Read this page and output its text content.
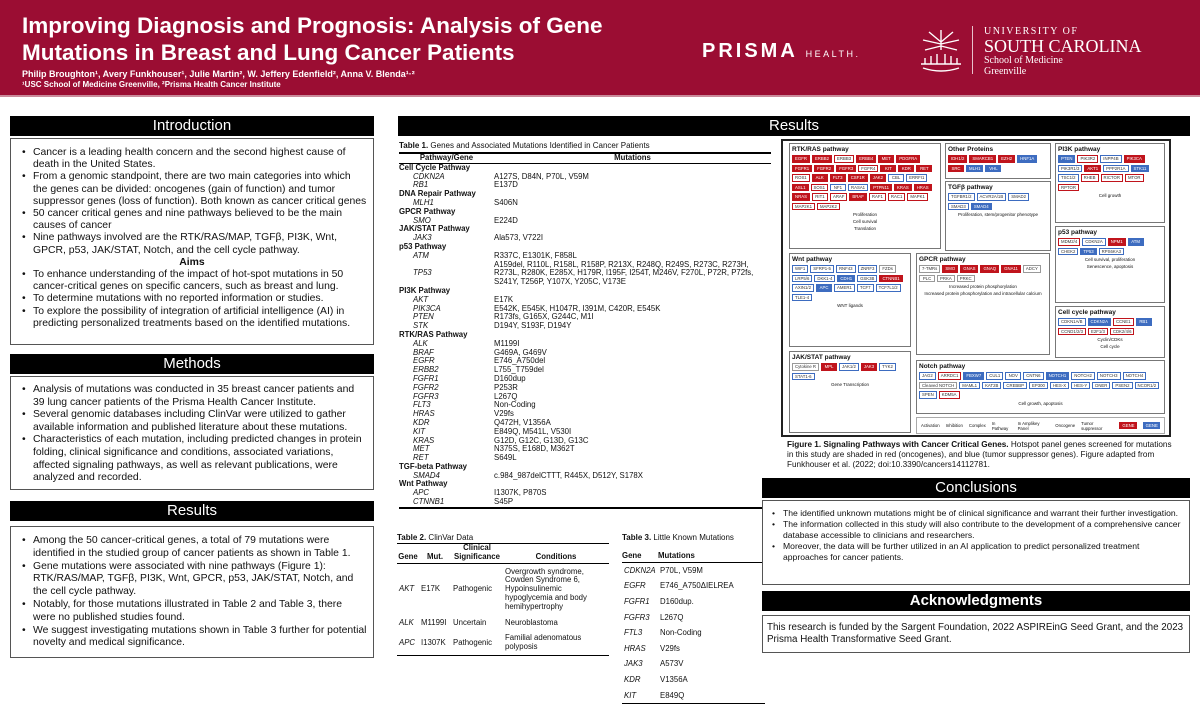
Improving Diagnosis and Prognosis: Analysis of Gene Mutations in Breast and Lung Cancer Patients
Philip Broughton¹, Avery Funkhouser¹, Julie Martin², W. Jeffery Edenfield², Anna V. Blenda¹·²
¹USC School of Medicine Greenville, ²Prisma Health Cancer Institute
PRISMA HEALTH.
UNIVERSITY OF
SOUTH CAROLINA
School of Medicine
Greenville
Introduction
• Cancer is a leading health concern and the second highest cause of death in the United States.
• From a genomic standpoint, there are two main categories into which the genes can be divided: oncogenes (gain of function) and tumor suppressor genes (loss of function). Both known as cancer critical genes
• 50 cancer critical genes and nine pathways believed to be the main causes of cancer
• Nine pathways involved are the RTK/RAS/MAP, TGFβ, PI3K, Wnt, GPCR, p53, JAK/STAT, Notch, and the cell cycle pathway.
Aims
• To enhance understanding of the impact of hot-spot mutations in 50 cancer-critical genes on specific cancers, such as breast and lung.
• To determine mutations with no reported information or studies.
• To explore the possibility of integration of artificial intelligence (AI) in predicting personalized treatments based on the identified mutations.
Methods
• Analysis of mutations was conducted in 35 breast cancer patients and 39 lung cancer patients of the Prisma Health Cancer Institute.
• Several genomic databases including ClinVar were utilized to gather available information and published literature about these mutations.
• Characteristics of each mutation, including predicted changes in protein folding, clinical significance and conditions, associated variations, affected signaling pathways, as well as relevant publications, were analyzed and recorded.
Results
• Among the 50 cancer-critical genes, a total of 79 mutations were identified in the studied group of cancer patients as shown in Table 1.
• Gene mutations were associated with nine pathways (Figure 1): RTK/RAS/MAP, TGFβ, PI3K, Wnt, GPCR, p53, JAK/STAT, Notch, and the cell cycle pathway.
• Notably, for those mutations illustrated in Table 2 and Table 3, there were no published studies found.
• We suggest investigating mutations shown in Table 3 further for potential novelty and medical significance.
Results
Table 1. Genes and Associated Mutations Identified in Cancer Patients
Pathway/Gene	Mutations
Cell Cycle Pathway	
CDKN2A	A127S, D84N, P70L, V59M
RB1	E137D
DNA Repair Pathway	
MLH1	S406N
GPCR Pathway	
SMO	E224D
JAK/STAT Pathway	
JAK3	Ala573, V722I
p53 Pathway	
ATM	R337C, E1301K, F858L
TP53	A159del, R110L, R158L, R158P, R213X, R248Q, R249S, R273C, R273H, R273L, R280K, E285X, H179R, I195F, I254T, M246V, F270L, P72R, P72fs, S241Y, T256P, Y107X, Y205C, V173E
PI3K Pathway	
AKT	E17K
PIK3CA	E542K, E545K, H1047R, I391M, C420R, E545K
PTEN	R173fs, G165X, G244C, M1I
STK	D194Y, S193F, D194Y
RTK/RAS Pathway	
ALK	M1199I
BRAF	G469A, G469V
EGFR	E746_A750del
ERBB2	L755_T759del
FGFR1	D160dup
FGFR2	P253R
FGFR3	L267Q
FLT3	Non-Coding
HRAS	V29fs
KDR	Q472H, V1356A
KIT	E849Q, M541L, V530I
KRAS	G12D, G12C, G13D, G13C
MET	N375S, E168D, M362T
RET	S649L
TGF-beta Pathway	
SMAD4	c.984_987delCTTT, R445X, D512Y, S178X
Wnt Pathway	
APC	I1307K, P870S
CTNNB1	S45P
Table 2. ClinVar Data
Gene	Mut.	Clinical Significance	Conditions
AKT	E17K	Pathogenic	Overgrowth syndrome, Cowden Syndrome 6, Hypoinsulinemic hypoglycemia and body hemihypertrophy
ALK	M1199I	Uncertain	Neuroblastoma
APC	I1307K	Pathogenic	Familial adenomatous polyposis
Table 3. Little Known Mutations
Gene	Mutations
CDKN2A	P70L, V59M
EGFR	E746_A750ΔIELREA
FGFR1	D160dup.
FGFR3	L267Q
FTL3	Non-Coding
HRAS	V29fs
JAK3	A573V
KDR	V1356A
KIT	E849Q
RTK/RAS pathway
EGFR	ERBB2	ERBB3	ERBB4	MET	PDGFRA
FGFR1	FGFR2	FGFR3	FGFR4	KIT	KDR	RET
ROS1	ALK	FLT3	CSF1R	JAK2	CBL	ERRFI1
ASL1	SOS1	NF1	RASA1	PTPN11	KRAS	HRAS
NRAS	RIT1	ARAF	BRAF	RAF1	RAC1	MAPK1
MAP2K1	MAP2K2
Proliferation
Cell survival
Translation
Other Proteins
IDH1/2	SMARCB1	EZH2	HNF1A
SRC	MLH1	VHL
TGFβ pathway
TGFBR1/2	ACVR2A/1B	SMAD2
SMAD3	SMAD4
Proliferation, stem/progenitor phenotype
PI3K pathway
PTEN	PIK3R2	INPP4B	PIK3CA
PIK3R1/3	AKT1	PPP2R1A	STK11
TSC1/2	RHEB	RICTOR	MTOR
RPTOR
Cell growth
p53 pathway
MDM2/4	CDKN2A	NPM1	ATM
CHEK2	TP53	RPS6KA3
Cell survival, proliferation
Senescence, apoptosis
Wnt pathway
WIF1	SFRP1-5	RNF43	ZNRF3	FZDs
LRP5/6	DKK1-4	CDH1	GSK3B	CTNNB1
AXIN1/2	APC	AMER1	TCF7	TCF7L1/2
TLE1-4
WNT ligands
GPCR pathway
7-TMRs	SMO	GNAS	GNAQ	GNA11	ADCY
PLC	PRKA	PRKC
Increased protein phosphorylation
Increased protein phosphorylation and intracellular calcium
Cell cycle pathway
CDKN1A/B	CDKN2A	CCNE1	RB1
CCND1/2/3	E2F1/3	CDK2/4/6
Cyclin/CDKs
Cell cycle
JAK/STAT pathway
Cytokine R	MPL	JAK1/2	JAK3	TYK2
STAT1-6
Gene Transcription
Notch pathway
JAG2	ARRDC1	FBXW7	CUL1	NOV	CNTN6	NOTCH1	NOTCH2	NOTCH3	NOTCH4
Cleaved NOTCH	MAML1	KAT2B	CREBBP	EP300	HES-X	HES-Y	DNER	PSEN2	NCOR1/2
SPEN	KDM5A
Cell growth, apoptosis
Activation Inhibition Complex In Pathway
In Amplikey Panel	Oncogene Tumor suppressor
GENE	GENE
Figure 1. Signaling Pathways with Cancer Critical Genes. Hotspot panel genes screened for mutations in this study are shaded in red (oncogenes), and blue (tumor suppressor genes). Figure adapted from Funkhouser et al. (2022; doi:10.3390/cancers14112781.
Conclusions
• The identified unknown mutations might be of clinical significance and warrant their further investigation.
• The information collected in this study will also contribute to the development of a comprehensive cancer database accessible to clinicians and researchers.
• Moreover, the data will be further utilized in an AI application to predict personalized treatment approaches for cancer patients.
Acknowledgments
This research is funded by the Sargent Foundation, 2022 ASPIREinG Seed Grant, and the 2023 Prisma Health Transformative Seed Grant.
